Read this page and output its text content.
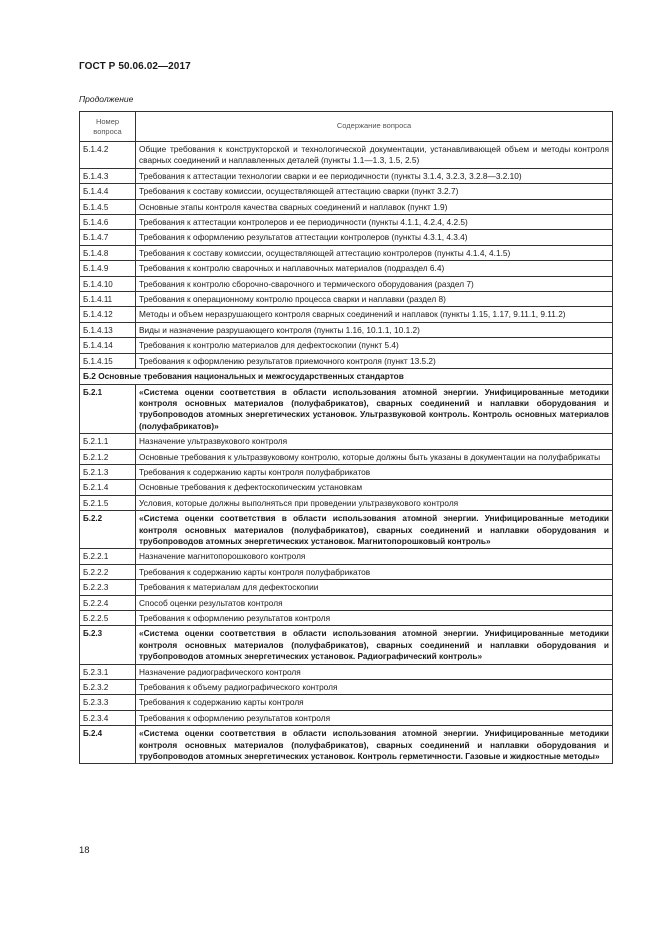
ГОСТ Р 50.06.02—2017
Продолжение
Номер вопроса	Содержание вопроса
Б.1.4.2	Общие требования к конструкторской и технологической документации, устанавливающей объем и методы контроля сварных соединений и наплавленных деталей (пункты 1.1—1.3, 1.5, 2.5)
Б.1.4.3	Требования к аттестации технологии сварки и ее периодичности (пункты 3.1.4, 3.2.3, 3.2.8—3.2.10)
Б.1.4.4	Требования к составу комиссии, осуществляющей аттестацию сварки (пункт 3.2.7)
Б.1.4.5	Основные этапы контроля качества сварных соединений и наплавок (пункт 1.9)
Б.1.4.6	Требования к аттестации контролеров и ее периодичности (пункты 4.1.1, 4.2.4, 4.2.5)
Б.1.4.7	Требования к оформлению результатов аттестации контролеров (пункты 4.3.1, 4.3.4)
Б.1.4.8	Требования к составу комиссии, осуществляющей аттестацию контролеров (пункты 4.1.4, 4.1.5)
Б.1.4.9	Требования к контролю сварочных и наплавочных материалов (подраздел 6.4)
Б.1.4.10	Требования к контролю сборочно-сварочного и термического оборудования (раздел 7)
Б.1.4.11	Требования к операционному контролю процесса сварки и наплавки (раздел 8)
Б.1.4.12	Методы и объем неразрушающего контроля сварных соединений и наплавок (пункты 1.15, 1.17, 9.11.1, 9.11.2)
Б.1.4.13	Виды и назначение разрушающего контроля (пункты 1.16, 10.1.1, 10.1.2)
Б.1.4.14	Требования к контролю материалов для дефектоскопии (пункт 5.4)
Б.1.4.15	Требования к оформлению результатов приемочного контроля (пункт 13.5.2)
Б.2 Основные требования национальных и межгосударственных стандартов	
Б.2.1	«Система оценки соответствия в области использования атомной энергии. Унифицированные методики контроля основных материалов (полуфабрикатов), сварных соединений и наплавки оборудования и трубопроводов атомных энергетических установок. Ультразвуковой контроль. Контроль основных материалов (полуфабрикатов)»
Б.2.1.1	Назначение ультразвукового контроля
Б.2.1.2	Основные требования к ультразвуковому контролю, которые должны быть указаны в документации на полуфабрикаты
Б.2.1.3	Требования к содержанию карты контроля полуфабрикатов
Б.2.1.4	Основные требования к дефектоскопическим установкам
Б.2.1.5	Условия, которые должны выполняться при проведении ультразвукового контроля
Б.2.2	«Система оценки соответствия в области использования атомной энергии. Унифицированные методики контроля основных материалов (полуфабрикатов), сварных соединений и наплавки оборудования и трубопроводов атомных энергетических установок. Магнитопорошковый контроль»
Б.2.2.1	Назначение магнитопорошкового контроля
Б.2.2.2	Требования к содержанию карты контроля полуфабрикатов
Б.2.2.3	Требования к материалам для дефектоскопии
Б.2.2.4	Способ оценки результатов контроля
Б.2.2.5	Требования к оформлению результатов контроля
Б.2.3	«Система оценки соответствия в области использования атомной энергии. Унифицированные методики контроля основных материалов (полуфабрикатов), сварных соединений и наплавки оборудования и трубопроводов атомных энергетических установок. Радиографический контроль»
Б.2.3.1	Назначение радиографического контроля
Б.2.3.2	Требования к объему радиографического контроля
Б.2.3.3	Требования к содержанию карты контроля
Б.2.3.4	Требования к оформлению результатов контроля
Б.2.4	«Система оценки соответствия в области использования атомной энергии. Унифицированные методики контроля основных материалов (полуфабрикатов), сварных соединений и наплавки оборудования и трубопроводов атомных энергетических установок. Контроль герметичности. Газовые и жидкостные методы»
18
